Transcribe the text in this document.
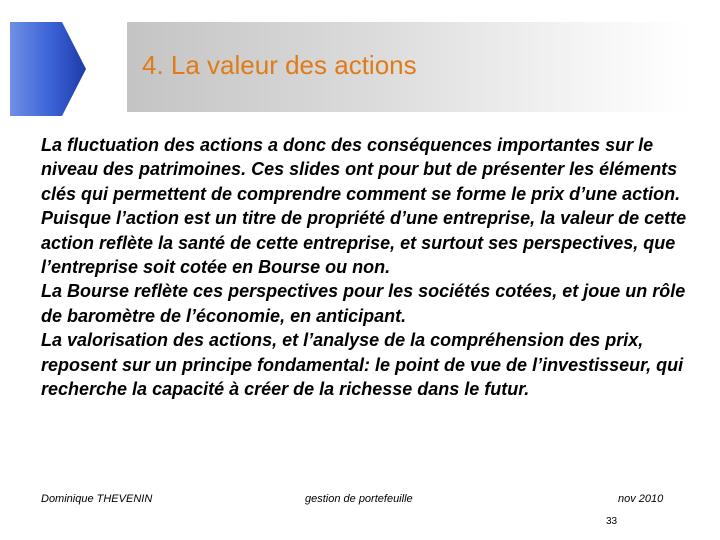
4. La valeur des actions

La fluctuation des actions a donc des conséquences importantes sur le niveau des patrimoines. Ces slides ont pour but de présenter les éléments clés qui permettent de comprendre comment se forme le prix d’une action.

Puisque l’action est un titre de propriété d’une entreprise, la valeur de cette action reflète la santé de cette entreprise, et surtout ses perspectives, que l’entreprise soit cotée en Bourse ou non.

La Bourse reflète ces perspectives pour les sociétés cotées, et joue un rôle de baromètre de l’économie, en anticipant.

La valorisation des actions, et l’analyse de la compréhension des prix, reposent sur un principe fondamental: le point de vue de l’investisseur, qui recherche la capacité à créer de la richesse dans le futur.

Dominique THEVENIN	gestion de portefeuille	nov 2010
33
